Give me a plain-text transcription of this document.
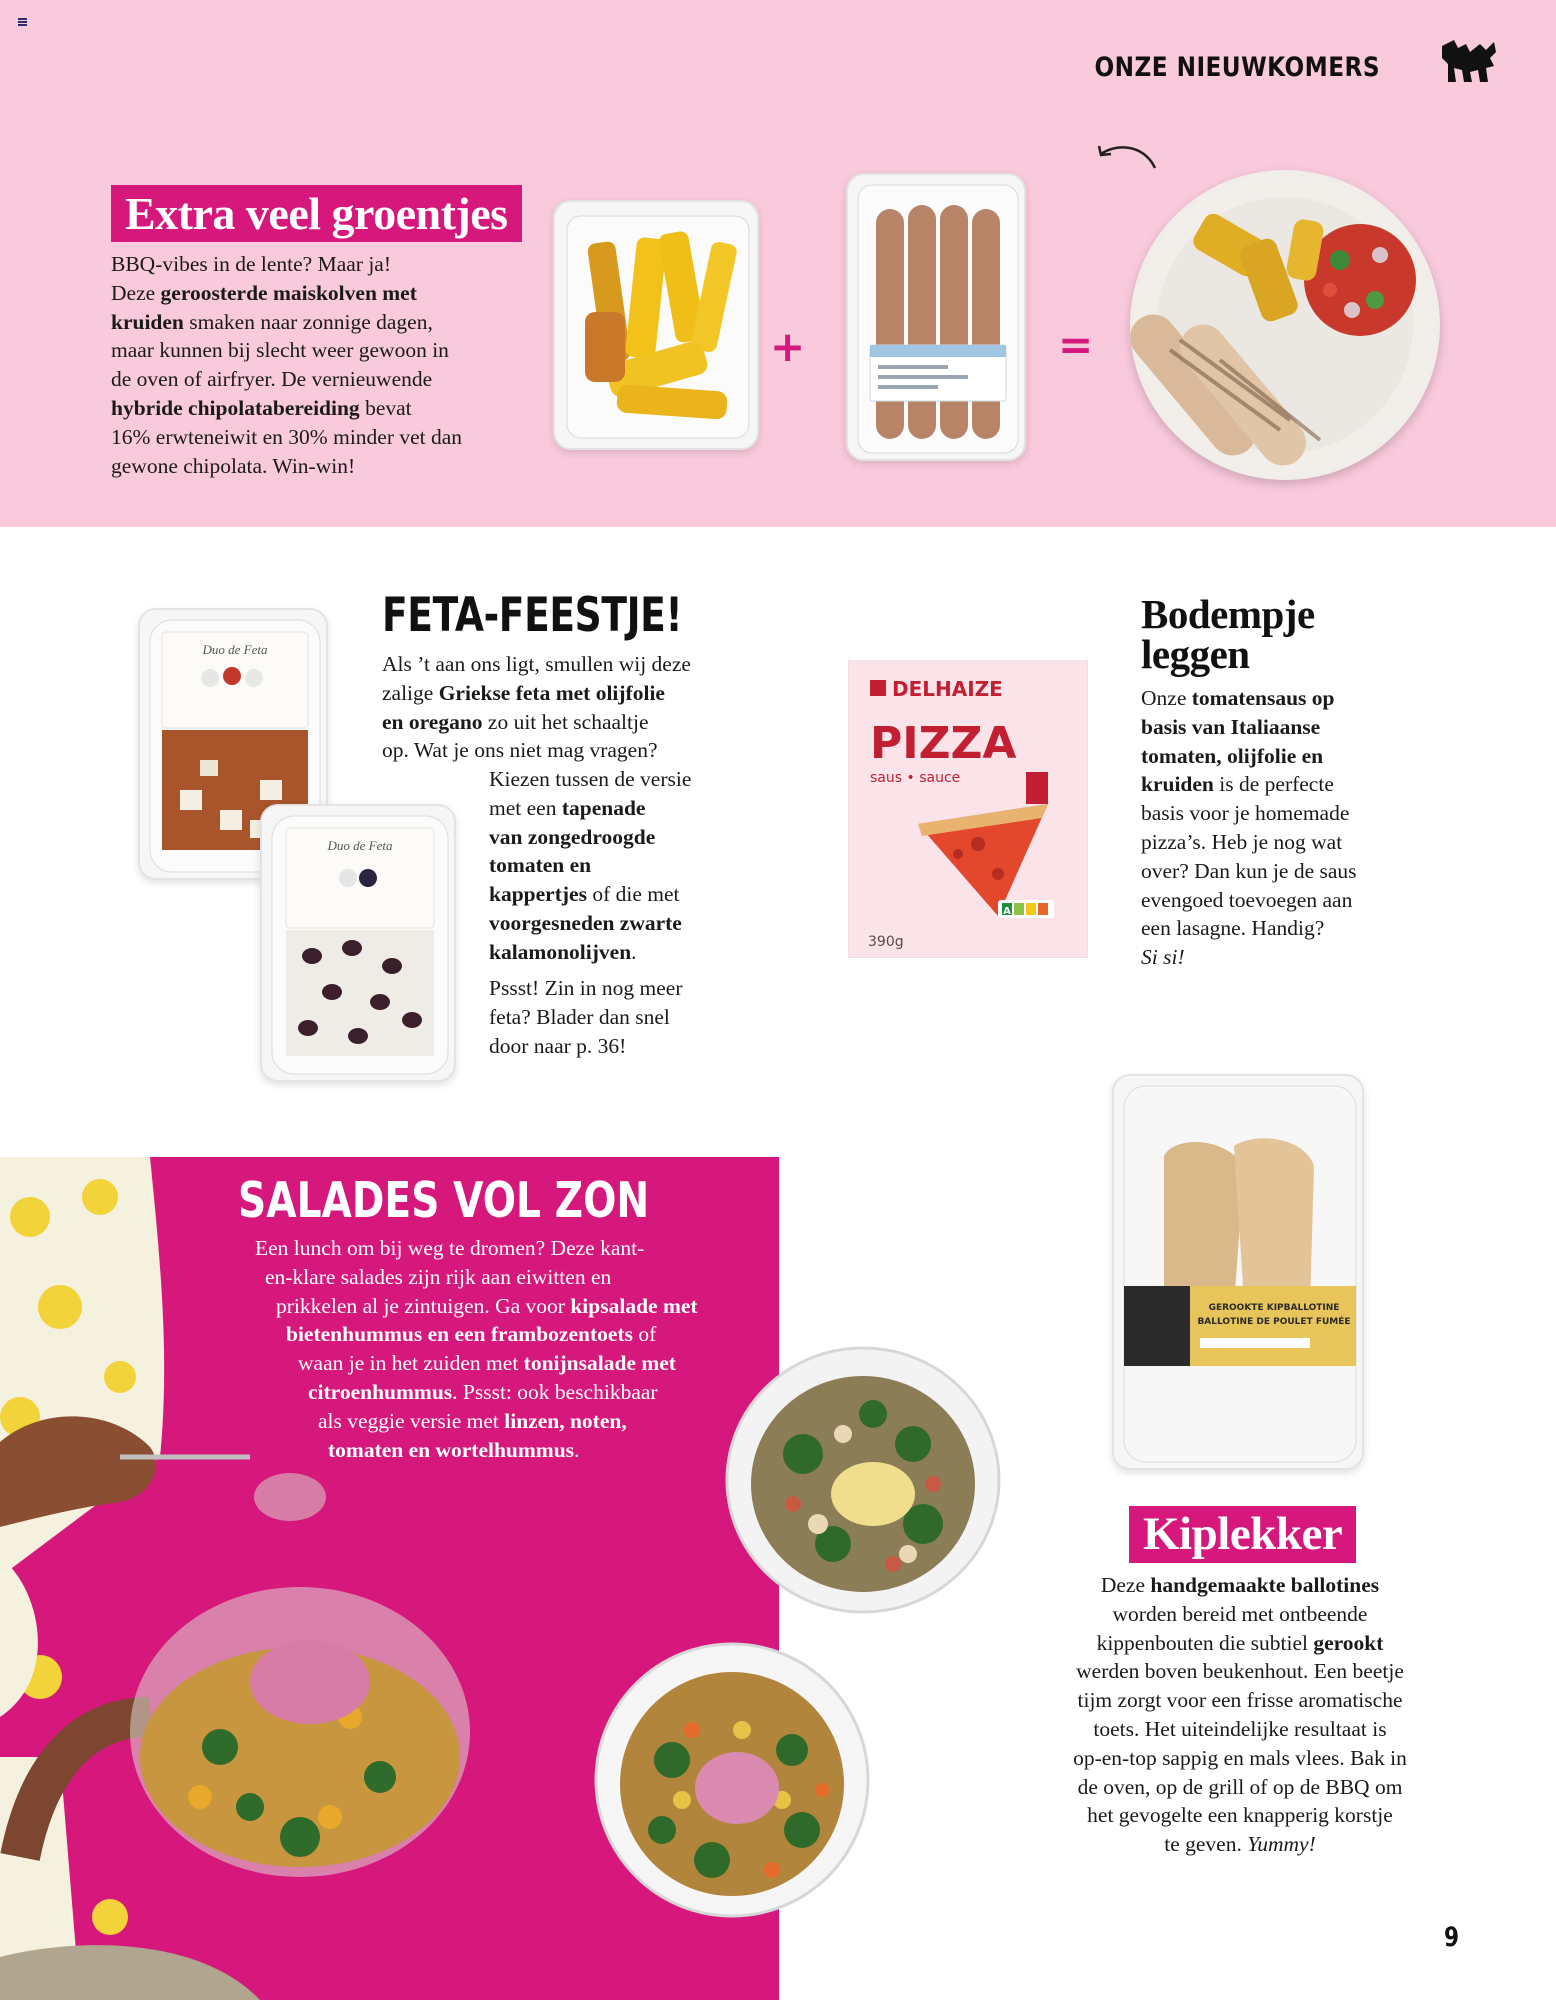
ONZE NIEUWKOMERS
Extra veel groentjes
BBQ-vibes in de lente? Maar ja!
Deze geroosterde maiskolven met
kruiden smaken naar zonnige dagen,
maar kunnen bij slecht weer gewoon in
de oven of airfryer. De vernieuwende
hybride chipolatabereiding bevat
16% erwteneiwit en 30% minder vet dan
gewone chipolata. Win-win!
+	=
Duo de Feta
Duo de Feta
FETA-FEESTJE!
Als ’t aan ons ligt, smullen wij deze
zalige Griekse feta met olijfolie
en oregano zo uit het schaaltje
op. Wat je ons niet mag vragen?
Kiezen tussen de versie
met een tapenade
van zongedroogde
tomaten en
kappertjes of die met
voorgesneden zwarte
kalamonolijven.
Pssst! Zin in nog meer
feta? Blader dan snel
door naar p. 36!
DELHAIZE
PIZZA
saus • sauce
A
390g
Bodempje
leggen
Onze tomatensaus op
basis van Italiaanse
tomaten, olijfolie en
kruiden is de perfecte
basis voor je homemade
pizza’s. Heb je nog wat
over? Dan kun je de saus
evengoed toevoegen aan
een lasagne. Handig?
Si si!
SALADES VOL ZON
Een lunch om bij weg te dromen? Deze kant-
en-klare salades zijn rijk aan eiwitten en
prikkelen al je zintuigen. Ga voor kipsalade met
bietenhummus en een frambozentoets of
waan je in het zuiden met tonijnsalade met
citroenhummus. Pssst: ook beschikbaar
als veggie versie met linzen, noten,
tomaten en wortelhummus.
GEROOKTE KIPBALLOTINE
BALLOTINE DE POULET FUMÉE
Kiplekker
Deze handgemaakte ballotines
worden bereid met ontbeende
kippenbouten die subtiel gerookt
werden boven beukenhout. Een beetje
tijm zorgt voor een frisse aromatische
toets. Het uiteindelijke resultaat is
op-en-top sappig en mals vlees. Bak in
de oven, op de grill of op de BBQ om
het gevogelte een knapperig korstje
te geven. Yummy!
9
